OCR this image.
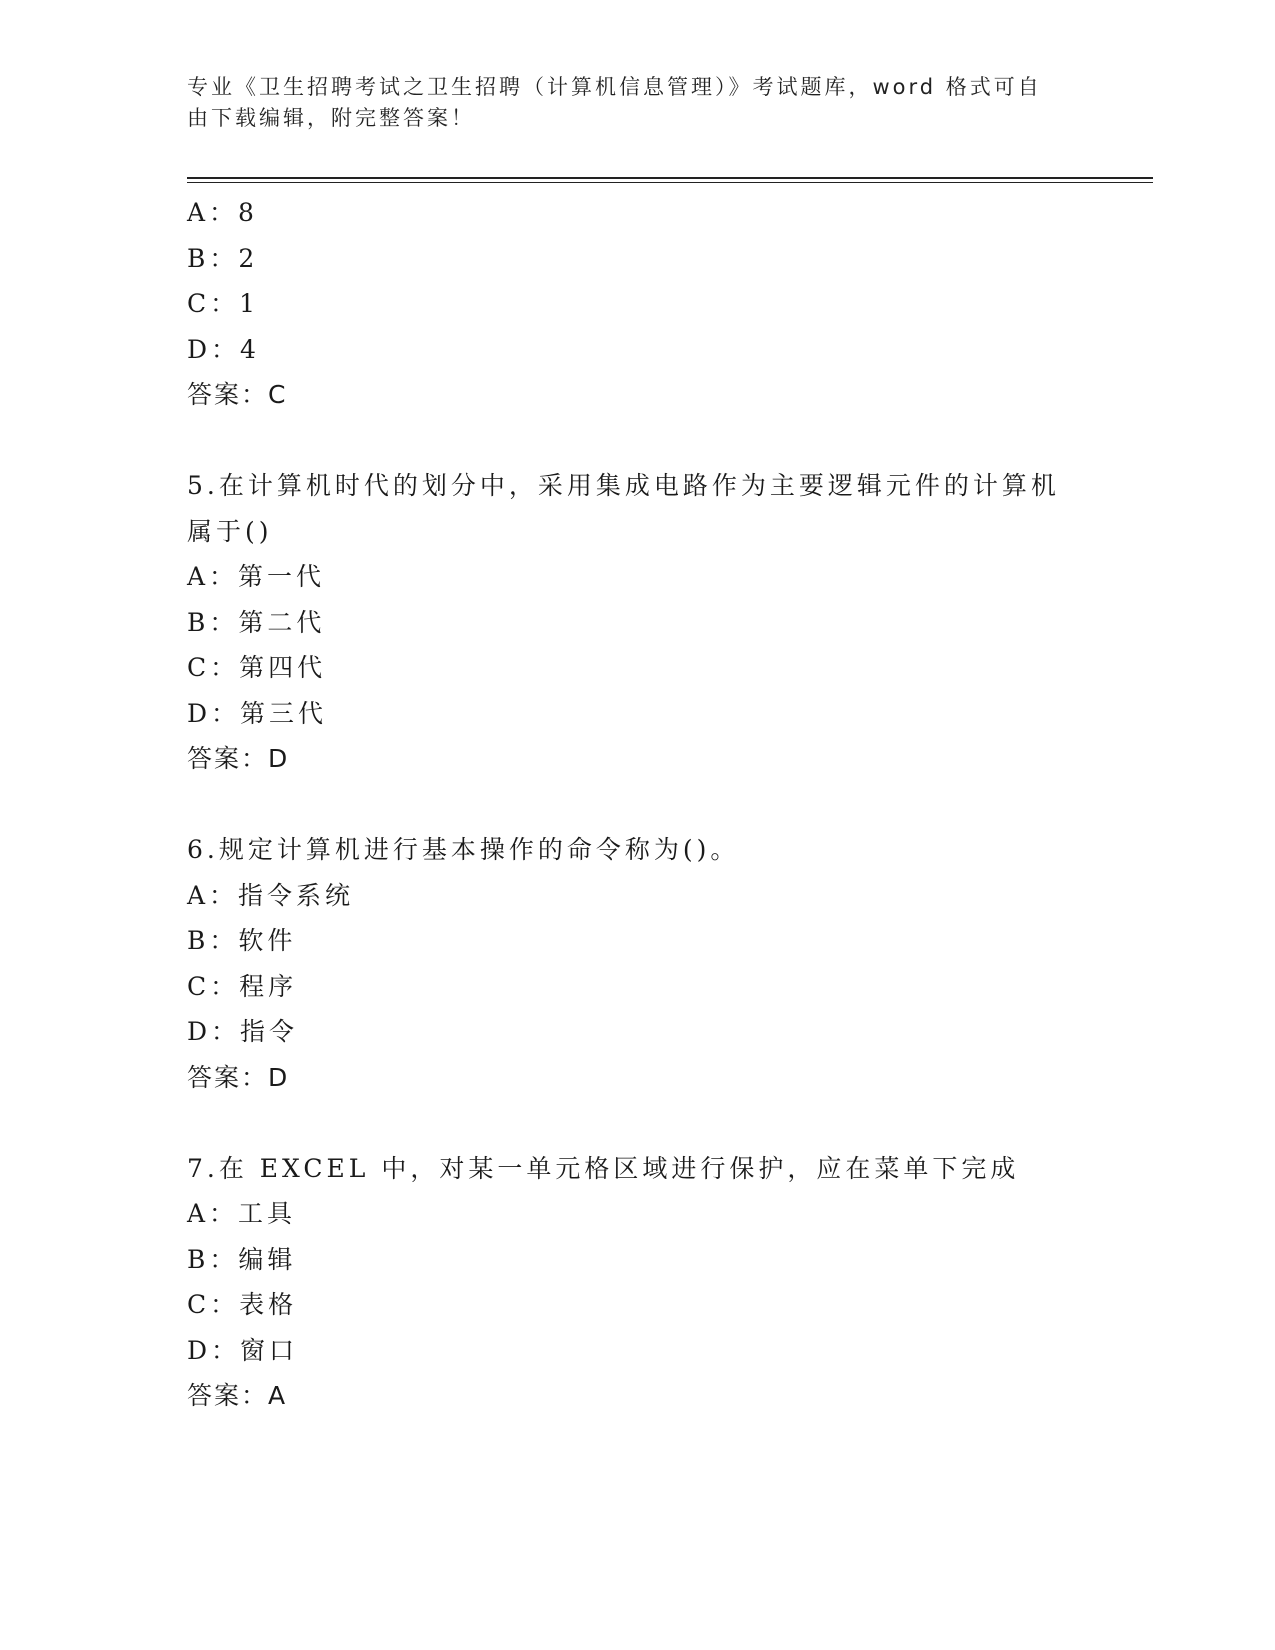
专业《卫生招聘考试之卫生招聘（计算机信息管理）》考试题库，word 格式可自
由下载编辑，附完整答案！
A：8
B：2
C：1
D：4
答案：C
5.在计算机时代的划分中，采用集成电路作为主要逻辑元件的计算机
属于()
A：第一代
B：第二代
C：第四代
D：第三代
答案：D
6.规定计算机进行基本操作的命令称为()。
A：指令系统
B：软件
C：程序
D：指令
答案：D
7.在 EXCEL 中，对某一单元格区域进行保护，应在菜单下完成
A：工具
B：编辑
C：表格
D：窗口
答案：A
